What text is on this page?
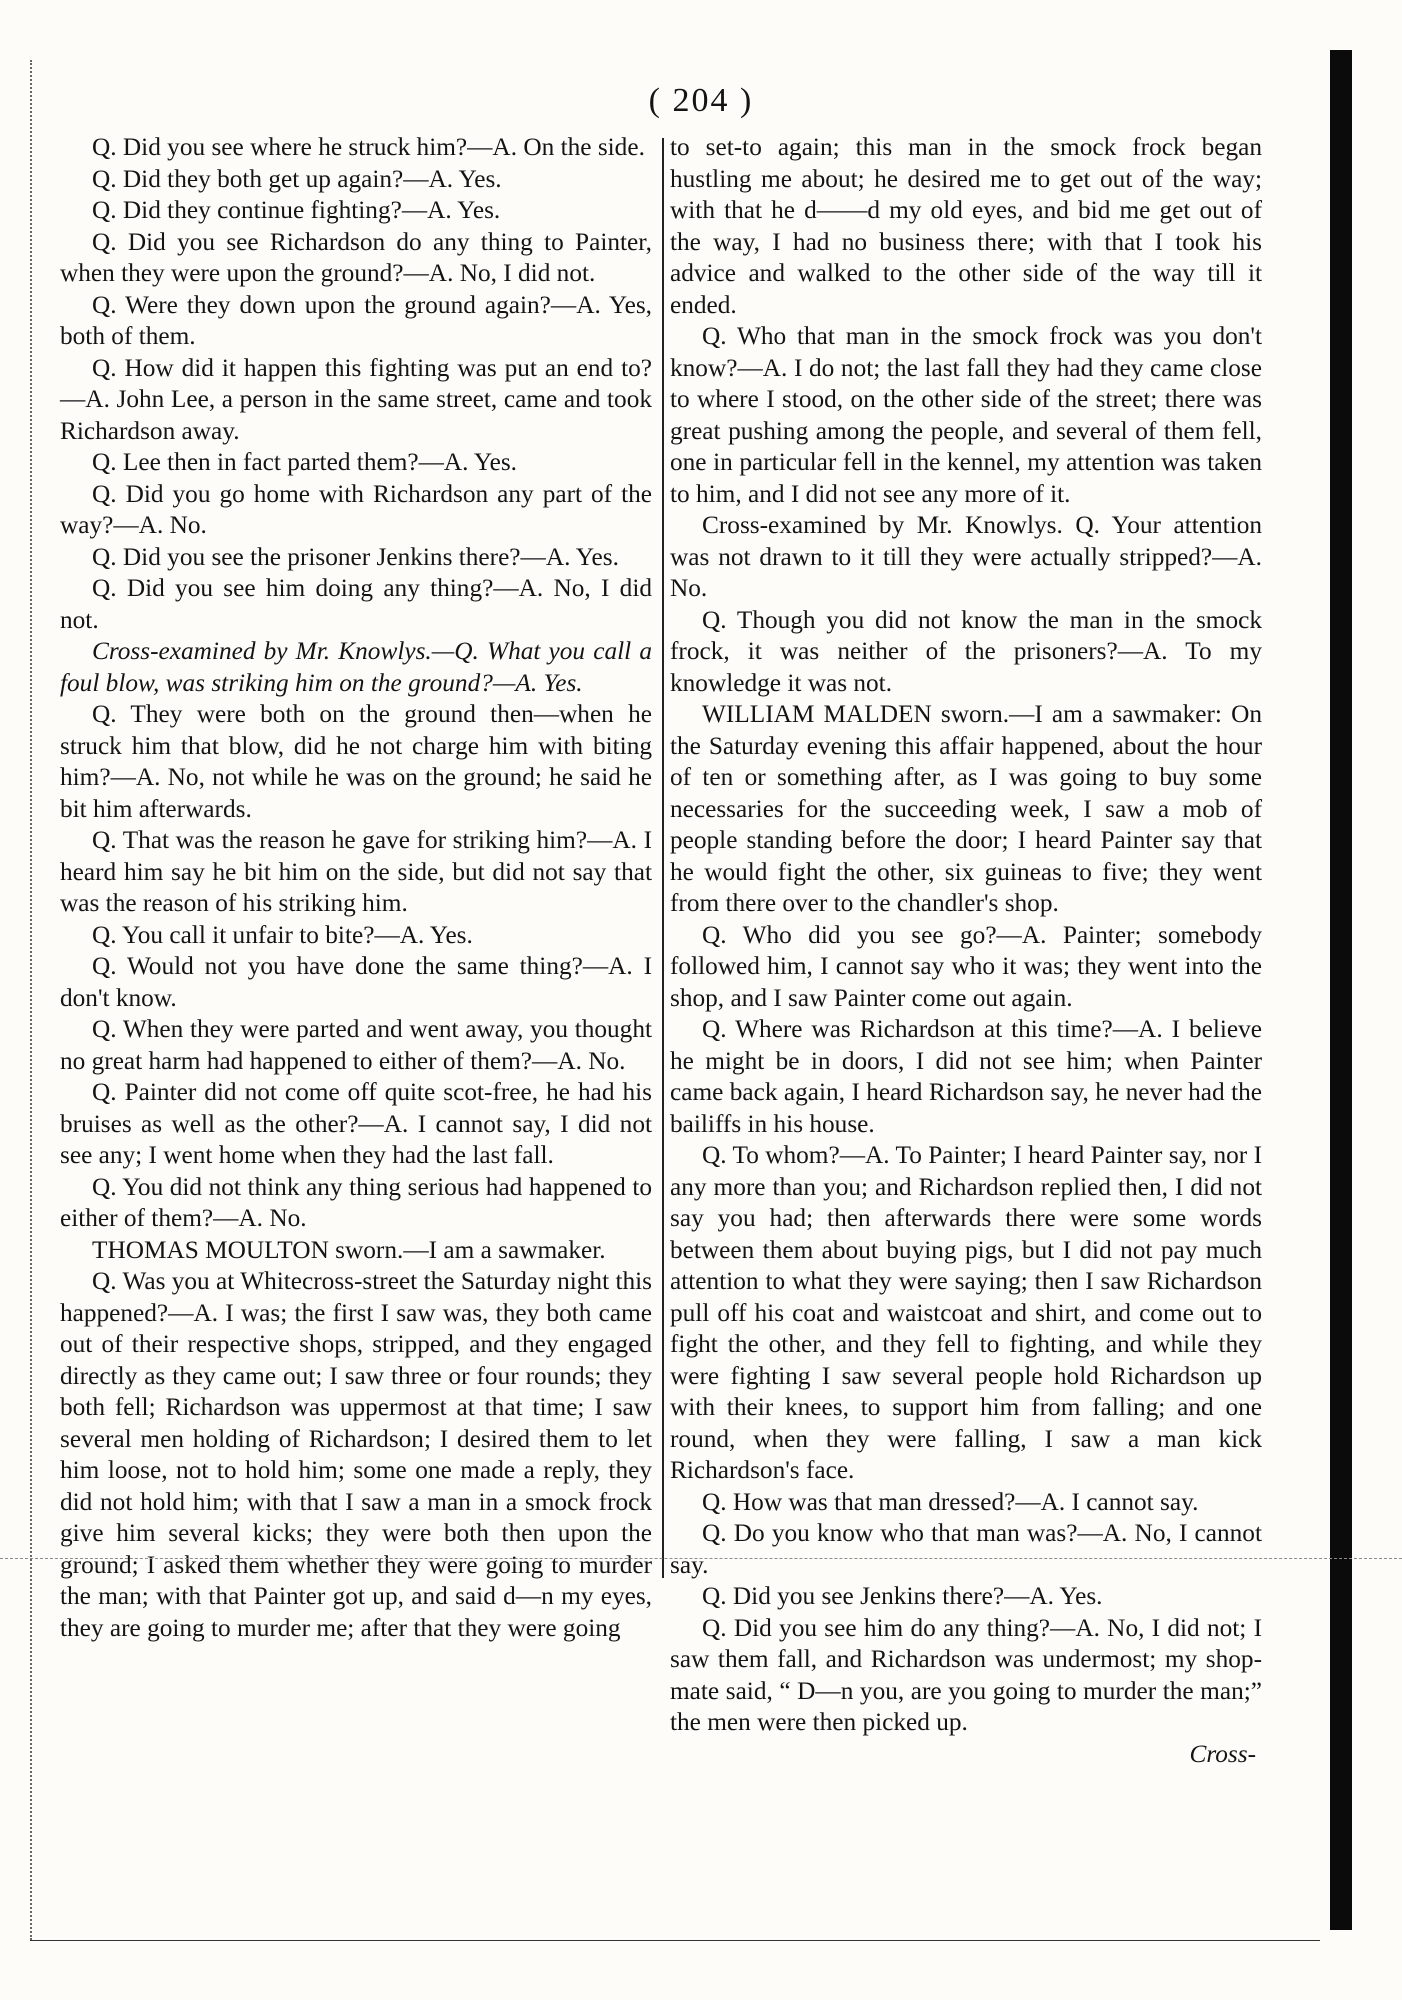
( 204 )

Q. Did you see where he struck him?—A. On the side.

Q. Did they both get up again?—A. Yes.

Q. Did they continue fighting?—A. Yes.

Q. Did you see Richardson do any thing to Painter, when they were upon the ground?—A. No, I did not.

Q. Were they down upon the ground again?—A. Yes, both of them.

Q. How did it happen this fighting was put an end to?—A. John Lee, a person in the same street, came and took Richardson away.

Q. Lee then in fact parted them?—A. Yes.

Q. Did you go home with Richardson any part of the way?—A. No.

Q. Did you see the prisoner Jenkins there?—A. Yes.

Q. Did you see him doing any thing?—A. No, I did not.

Cross-examined by Mr. Knowlys.—Q. What you call a foul blow, was striking him on the ground?—A. Yes.

Q. They were both on the ground then—when he struck him that blow, did he not charge him with biting him?—A. No, not while he was on the ground; he said he bit him afterwards.

Q. That was the reason he gave for striking him?—A. I heard him say he bit him on the side, but did not say that was the reason of his striking him.

Q. You call it unfair to bite?—A. Yes.

Q. Would not you have done the same thing?—A. I don't know.

Q. When they were parted and went away, you thought no great harm had happened to either of them?—A. No.

Q. Painter did not come off quite scot-free, he had his bruises as well as the other?—A. I cannot say, I did not see any; I went home when they had the last fall.

Q. You did not think any thing serious had happened to either of them?—A. No.

THOMAS MOULTON sworn.—I am a sawmaker.

Q. Was you at Whitecross-street the Saturday night this happened?—A. I was; the first I saw was, they both came out of their respective shops, stripped, and they engaged directly as they came out; I saw three or four rounds; they both fell; Richardson was uppermost at that time; I saw several men holding of Richardson; I desired them to let him loose, not to hold him; some one made a reply, they did not hold him; with that I saw a man in a smock frock give him several kicks; they were both then upon the ground; I asked them whether they were going to murder the man; with that Painter got up, and said d—n my eyes, they are going to murder me; after that they were going

to set-to again; this man in the smock frock began hustling me about; he desired me to get out of the way; with that he d——d my old eyes, and bid me get out of the way, I had no business there; with that I took his advice and walked to the other side of the way till it ended.

Q. Who that man in the smock frock was you don't know?—A. I do not; the last fall they had they came close to where I stood, on the other side of the street; there was great pushing among the people, and several of them fell, one in particular fell in the kennel, my attention was taken to him, and I did not see any more of it.

Cross-examined by Mr. Knowlys. Q. Your attention was not drawn to it till they were actually stripped?—A. No.

Q. Though you did not know the man in the smock frock, it was neither of the prisoners?—A. To my knowledge it was not.

WILLIAM MALDEN sworn.—I am a sawmaker: On the Saturday evening this affair happened, about the hour of ten or something after, as I was going to buy some necessaries for the succeeding week, I saw a mob of people standing before the door; I heard Painter say that he would fight the other, six guineas to five; they went from there over to the chandler's shop.

Q. Who did you see go?—A. Painter; somebody followed him, I cannot say who it was; they went into the shop, and I saw Painter come out again.

Q. Where was Richardson at this time?—A. I believe he might be in doors, I did not see him; when Painter came back again, I heard Richardson say, he never had the bailiffs in his house.

Q. To whom?—A. To Painter; I heard Painter say, nor I any more than you; and Richardson replied then, I did not say you had; then afterwards there were some words between them about buying pigs, but I did not pay much attention to what they were saying; then I saw Richardson pull off his coat and waistcoat and shirt, and come out to fight the other, and they fell to fighting, and while they were fighting I saw several people hold Richardson up with their knees, to support him from falling; and one round, when they were falling, I saw a man kick Richardson's face.

Q. How was that man dressed?—A. I cannot say.

Q. Do you know who that man was?—A. No, I cannot say.

Q. Did you see Jenkins there?—A. Yes.

Q. Did you see him do any thing?—A. No, I did not; I saw them fall, and Richardson was undermost; my shop-mate said, “ D—n you, are you going to murder the man;” the men were then picked up.

Cross-
